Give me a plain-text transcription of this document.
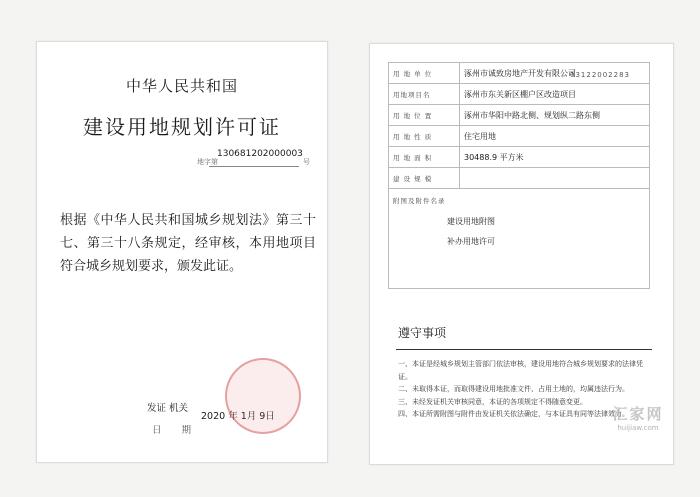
中华人民共和国
建设用地规划许可证
130681202000003
地字第	号
根据《中华人民共和国城乡规划法》第三十七、第三十八条规定，经审核，本用地项目符合城乡规划要求，颁发此证。
发证 机关
2020 年 1月 9日
日期
03122002283
用 地 单 位	涿州市诚致房地产开发有限公司
用地项目名	涿州市东关新区棚户区改造项目
用 地 位 置	涿州市华阳中路北侧、规划纵二路东侧
用 地 性 质	住宅用地
用 地 面 积	30488.9 平方米
建 设 规 模	

附图及附件名录
建设用地附图
补办用地许可	
遵守事项
一、本证是经城乡规划主管部门依法审核，建设用地符合城乡规划要求的法律凭证。
二、未取得本证，而取得建设用地批准文件、占用土地的，均属违法行为。
三、未经发证机关审核同意，本证的各项规定不得随意变更。
四、本证所需附图与附件由发证机关依法确定，与本证具有同等法律效力。
汇家网
huijiaw.com
